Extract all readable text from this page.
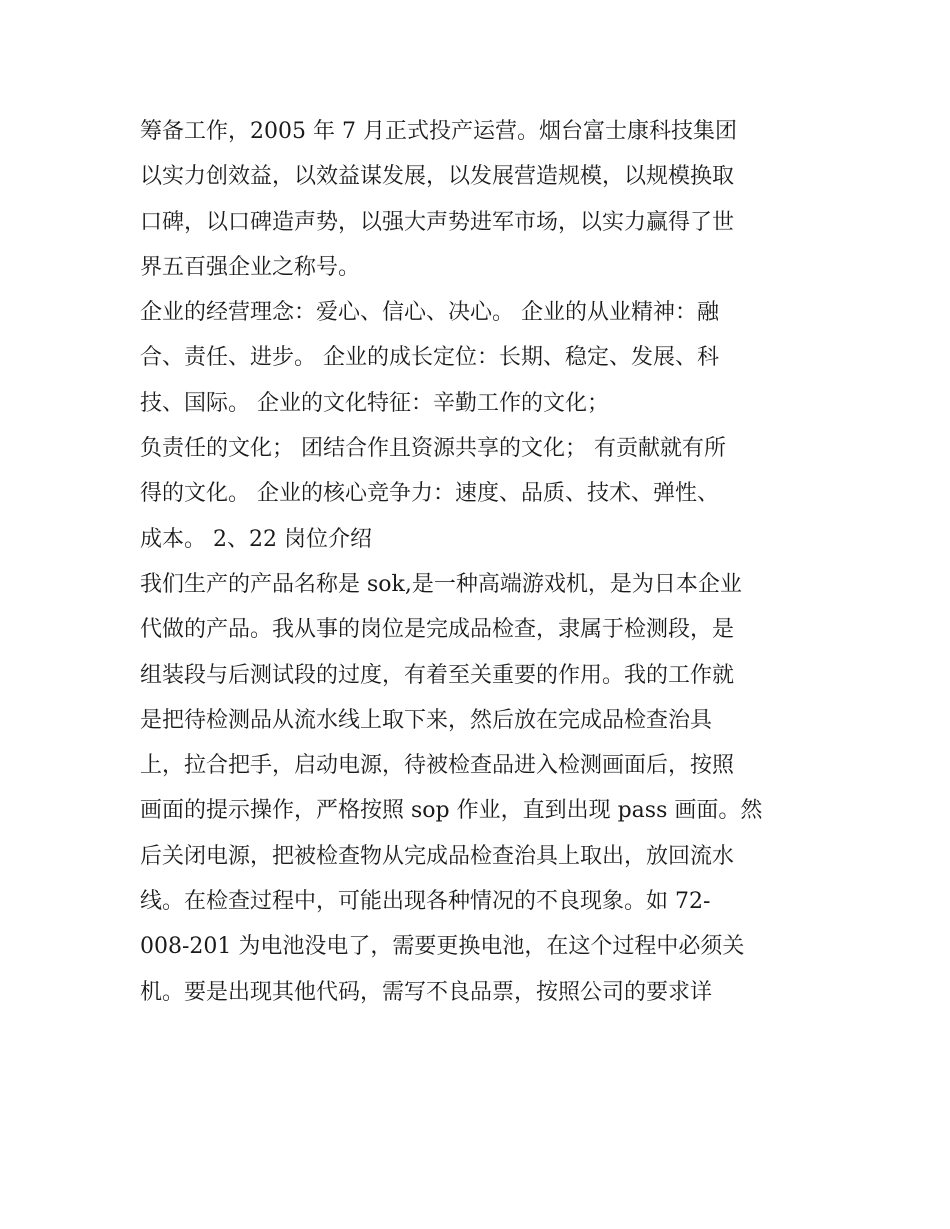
筹备工作，2005 年 7 月正式投产运营。烟台富士康科技集团
以实力创效益，以效益谋发展，以发展营造规模，以规模换取
口碑，以口碑造声势，以强大声势进军市场，以实力赢得了世
界五百强企业之称号。
企业的经营理念：爱心、信心、决心。 企业的从业精神：融
合、责任、进步。 企业的成长定位：长期、稳定、发展、科
技、国际。 企业的文化特征：辛勤工作的文化；
负责任的文化； 团结合作且资源共享的文化； 有贡献就有所
得的文化。 企业的核心竞争力：速度、品质、技术、弹性、
成本。 2、22 岗位介绍
我们生产的产品名称是 sok,是一种高端游戏机，是为日本企业
代做的产品。我从事的岗位是完成品检查，隶属于检测段，是
组装段与后测试段的过度，有着至关重要的作用。我的工作就
是把待检测品从流水线上取下来，然后放在完成品检查治具
上，拉合把手，启动电源，待被检查品进入检测画面后，按照
画面的提示操作，严格按照 sop 作业，直到出现 pass 画面。然
后关闭电源，把被检查物从完成品检查治具上取出，放回流水
线。在检查过程中，可能出现各种情况的不良现象。如 72-
008-201 为电池没电了，需要更换电池，在这个过程中必须关
机。要是出现其他代码，需写不良品票，按照公司的要求详
